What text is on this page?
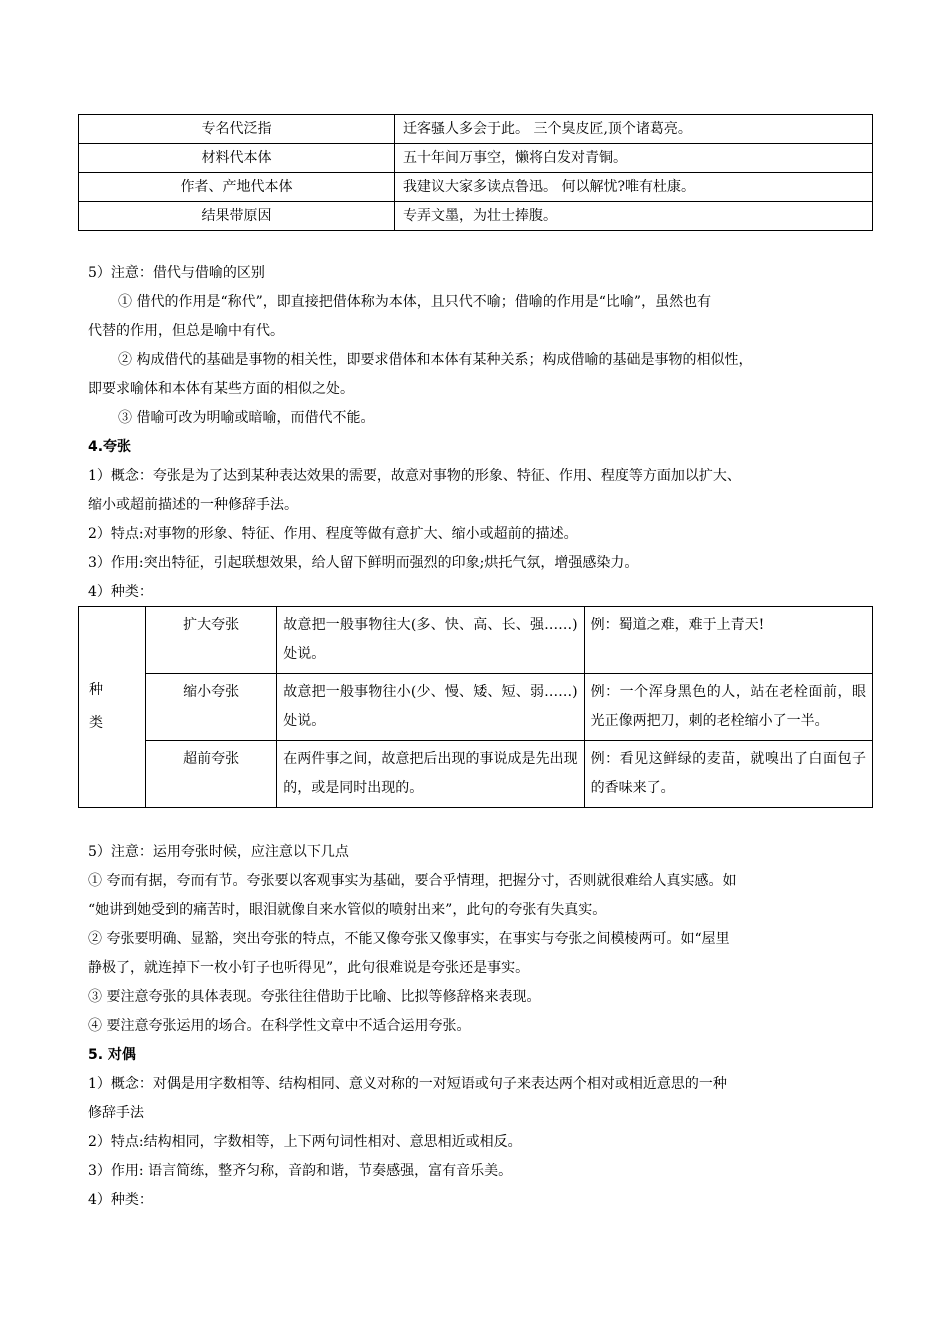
专名代泛指	迁客骚人多会于此。 三个臭皮匠,顶个诸葛亮。
材料代本体	五十年间万事空，懒将白发对青铜。
作者、产地代本体	我建议大家多读点鲁迅。 何以解忧?唯有杜康。
结果带原因	专弄文墨，为壮士捧腹。
5）注意：借代与借喻的区别
① 借代的作用是“称代”，即直接把借体称为本体，且只代不喻；借喻的作用是“比喻”，虽然也有
代替的作用，但总是喻中有代。
② 构成借代的基础是事物的相关性，即要求借体和本体有某种关系；构成借喻的基础是事物的相似性，
即要求喻体和本体有某些方面的相似之处。
③ 借喻可改为明喻或暗喻，而借代不能。
4.夸张
1）概念：夸张是为了达到某种表达效果的需要，故意对事物的形象、特征、作用、程度等方面加以扩大、
缩小或超前描述的一种修辞手法。
2）特点:对事物的形象、特征、作用、程度等做有意扩大、缩小或超前的描述。
3）作用:突出特征，引起联想效果，给人留下鲜明而强烈的印象;烘托气氛，增强感染力。
4）种类：
种
类	扩大夸张	故意把一般事物往大(多、快、高、长、强……)处说。	例：蜀道之难，难于上青天!
	缩小夸张	故意把一般事物往小(少、慢、矮、短、弱……)处说。	例：一个浑身黑色的人，站在老栓面前，眼光正像两把刀，刺的老栓缩小了一半。
	超前夸张	在两件事之间，故意把后出现的事说成是先出现的，或是同时出现的。	例：看见这鲜绿的麦苗，就嗅出了白面包子的香味来了。
5）注意：运用夸张时候，应注意以下几点
① 夸而有据，夸而有节。夸张要以客观事实为基础，要合乎情理，把握分寸，否则就很难给人真实感。如
“她讲到她受到的痛苦时，眼泪就像自来水管似的喷射出来”，此句的夸张有失真实。
② 夸张要明确、显豁，突出夸张的特点，不能又像夸张又像事实，在事实与夸张之间模棱两可。如“屋里
静极了，就连掉下一枚小钉子也听得见”，此句很难说是夸张还是事实。
③ 要注意夸张的具体表现。夸张往往借助于比喻、比拟等修辞格来表现。
④ 要注意夸张运用的场合。在科学性文章中不适合运用夸张。
5. 对偶
1）概念：对偶是用字数相等、结构相同、意义对称的一对短语或句子来表达两个相对或相近意思的一种
修辞手法
2）特点:结构相同，字数相等，上下两句词性相对、意思相近或相反。
3）作用: 语言简练，整齐匀称，音韵和谐，节奏感强，富有音乐美。
4）种类：
